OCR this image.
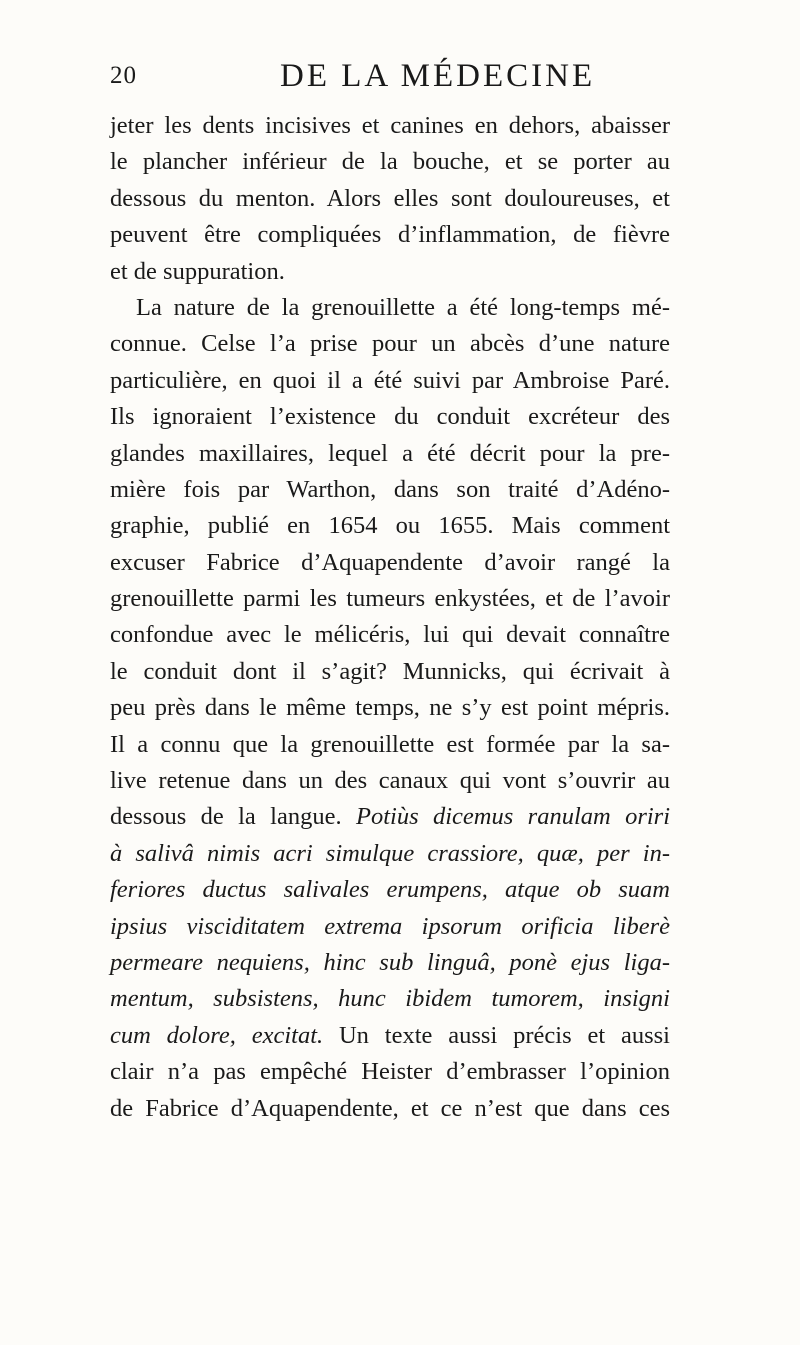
20	DE LA MÉDECINE
jeter les dents incisives et canines en dehors, abaisser
le plancher inférieur de la bouche, et se porter au
dessous du menton. Alors elles sont douloureuses, et
peuvent être compliquées d’inflammation, de fièvre
et de suppuration.
La nature de la grenouillette a été long-temps mé-
connue. Celse l’a prise pour un abcès d’une nature
particulière, en quoi il a été suivi par Ambroise Paré.
Ils ignoraient l’existence du conduit excréteur des
glandes maxillaires, lequel a été décrit pour la pre-
mière fois par Warthon, dans son traité d’Adéno-
graphie, publié en 1654 ou 1655. Mais comment
excuser Fabrice d’Aquapendente d’avoir rangé la
grenouillette parmi les tumeurs enkystées, et de l’avoir
confondue avec le mélicéris, lui qui devait connaître
le conduit dont il s’agit? Munnicks, qui écrivait à
peu près dans le même temps, ne s’y est point mépris.
Il a connu que la grenouillette est formée par la sa-
live retenue dans un des canaux qui vont s’ouvrir au
dessous de la langue. Potiùs dicemus ranulam oriri
à salivâ nimis acri simulque crassiore, quæ, per in-
feriores ductus salivales erumpens, atque ob suam
ipsius visciditatem extrema ipsorum orificia liberè
permeare nequiens, hinc sub linguâ, ponè ejus liga-
mentum, subsistens, hunc ibidem tumorem, insigni
cum dolore, excitat. Un texte aussi précis et aussi
clair n’a pas empêché Heister d’embrasser l’opinion
de Fabrice d’Aquapendente, et ce n’est que dans ces
